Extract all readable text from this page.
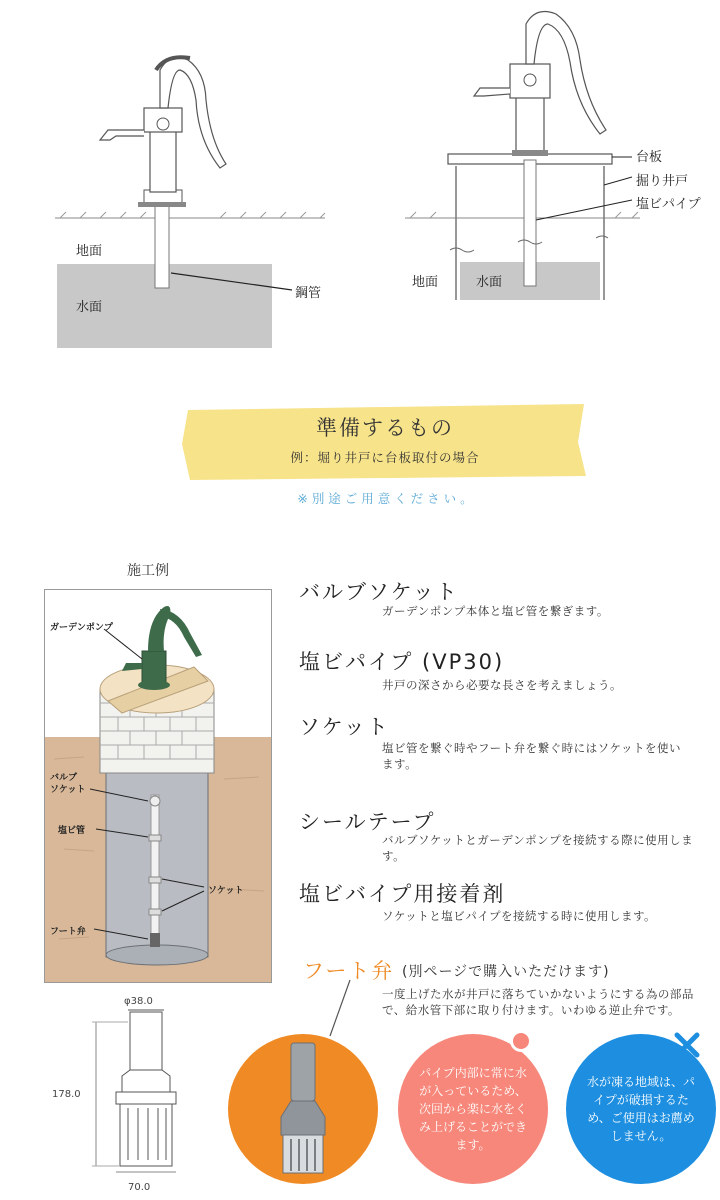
地面
水面
鋼管
台板
掘り井戸
塩ビパイプ
地面	水面
準備するもの
例：堀り井戸に台板取付の場合
※ 別 途 ご 用 意 く だ さ い 。
施工例
ガーデンポンプ
バルブ
ソケット
塩ビ管
ソケット
フート弁
バルブソケット
ガーデンポンプ本体と塩ビ管を繋ぎます。
塩ビパイプ (VP30)
井戸の深さから必要な長さを考えましょう。
ソケット
塩ビ管を繋ぐ時やフート弁を繋ぐ時にはソケットを使います。
シールテープ
バルブソケットとガーデンポンプを接続する際に使用します。
塩ビバイプ用接着剤
ソケットと塩ビパイプを接続する時に使用します。
フート弁 (別ページで購入いただけます)
一度上げた水が井戸に落ちていかないようにする為の部品で、給水管下部に取り付けます。いわゆる逆止弁です。
φ38.0
178.0
70.0
パイプ内部に常に水が入っているため、次回から楽に水をくみ上げることができます。
水が凍る地域は、パイプが破損するため、ご使用はお薦めしません。
